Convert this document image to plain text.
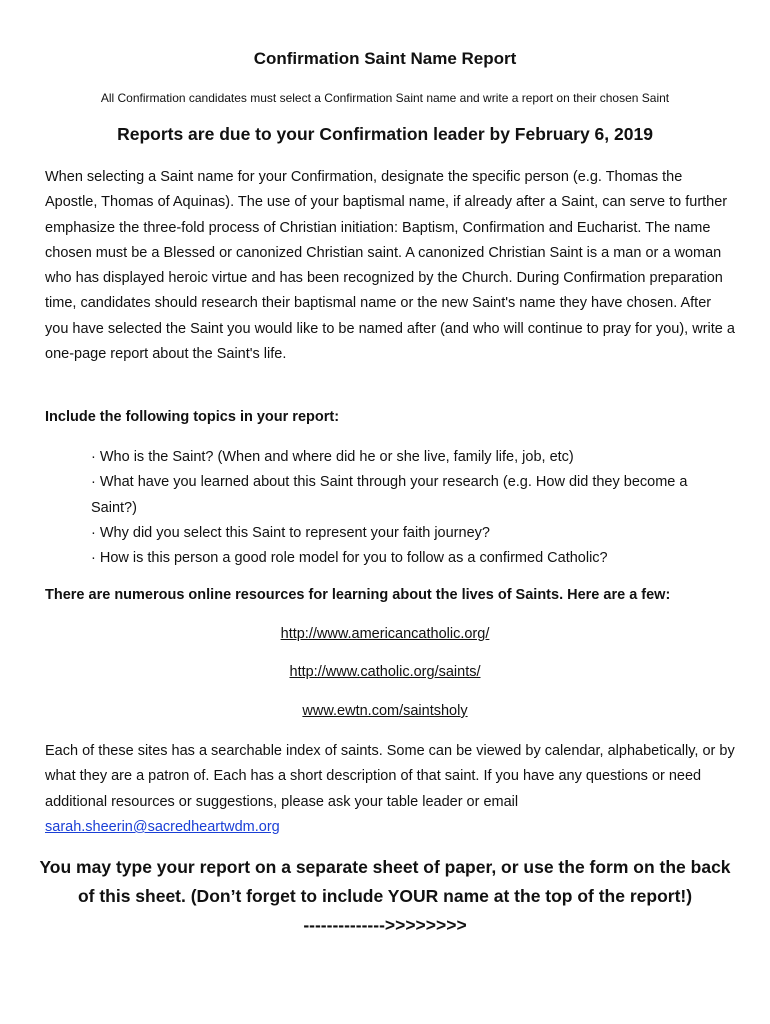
Confirmation Saint Name Report
All Confirmation candidates must select a Confirmation Saint name and write a report on their chosen Saint
Reports are due to your Confirmation leader by February 6, 2019

When selecting a Saint name for your Confirmation, designate the specific person (e.g. Thomas the Apostle, Thomas of Aquinas). The use of your baptismal name, if already after a Saint, can serve to further emphasize the three-fold process of Christian initiation: Baptism, Confirmation and Eucharist. The name chosen must be a Blessed or canonized Christian saint. A canonized Christian Saint is a man or a woman who has displayed heroic virtue and has been recognized by the Church. During Confirmation preparation time, candidates should research their baptismal name or the new Saint's name they have chosen. After you have selected the Saint you would like to be named after (and who will continue to pray for you), write a one-page report about the Saint's life.

Include the following topics in your report:

· Who is the Saint? (When and where did he or she live, family life, job, etc)
· What have you learned about this Saint through your research (e.g. How did they become a Saint?)
· Why did you select this Saint to represent your faith journey?
· How is this person a good role model for you to follow as a confirmed Catholic?

There are numerous online resources for learning about the lives of Saints. Here are a few:

http://www.americancatholic.org/
http://www.catholic.org/saints/
www.ewtn.com/saintsholy

Each of these sites has a searchable index of saints. Some can be viewed by calendar, alphabetically, or by what they are a patron of. Each has a short description of that saint. If you have any questions or need additional resources or suggestions, please ask your table leader or email sarah.sheerin@sacredheartwdm.org

You may type your report on a separate sheet of paper, or use the form on the back of this sheet. (Don’t forget to include YOUR name at the top of the report!)
-------------->>>>>>>>
